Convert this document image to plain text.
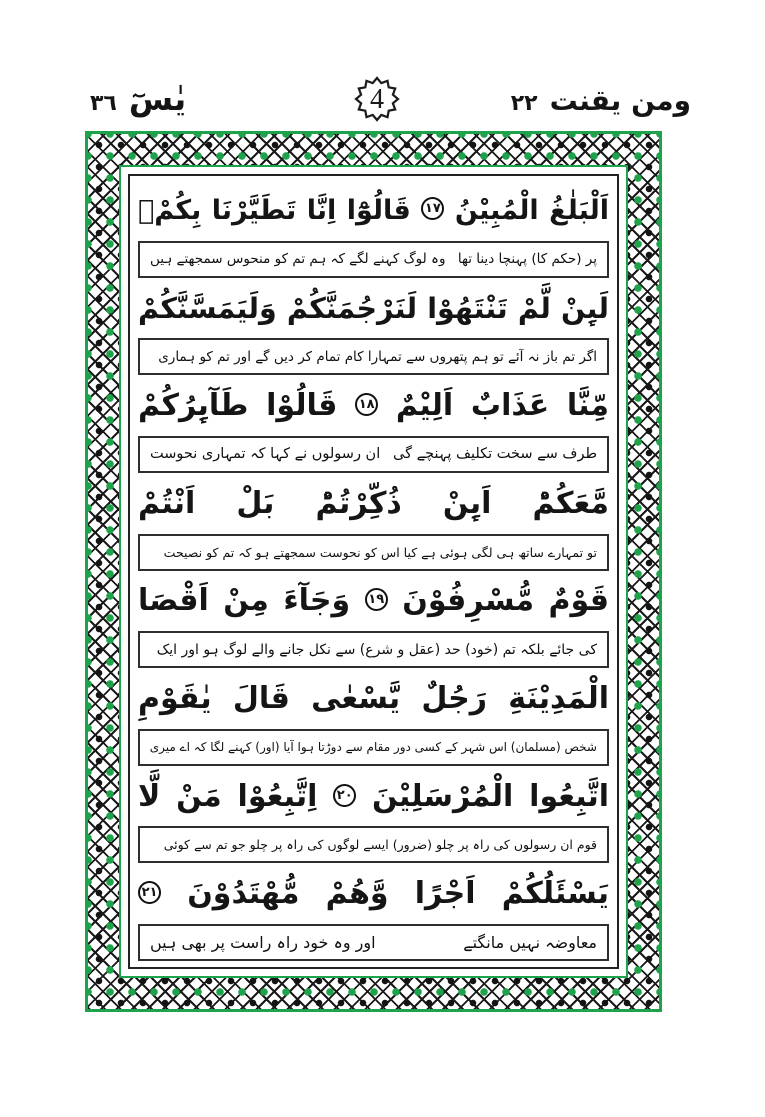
يٰسٓ
٣٦	4	ومن يقنت
٢٢
اَلْبَلٰغُ الْمُبِيْنُ ١٧ قَالُوْٓا اِنَّا تَطَيَّرْنَا بِكُمْۚ
پر (حکم کا) پہنچا دینا تھا
وہ لوگ کہنے لگے کہ ہم تم کو منحوس سمجھتے ہیں
لَىِٕنْ لَّمْ تَنْتَهُوْا لَنَرْجُمَنَّكُمْ وَلَيَمَسَّنَّكُمْ
اگر تم باز نہ آئے تو ہم پتھروں سے تمہارا کام تمام کر دیں گے اور تم کو ہماری
مِّنَّا عَذَابٌ اَلِيْمٌ ١٨ قَالُوْا طَآىِٕرُكُمْ
طرف سے سخت تکلیف پہنچے گی
ان رسولوں نے کہا کہ تمہاری نحوست
مَّعَكُمْؕ اَىِٕنْ ذُكِّرْتُمْؕ بَلْ اَنْتُمْ
تو تمہارے ساتھ ہی لگی ہوئی ہے کیا اس کو نحوست سمجھتے ہو کہ تم کو نصیحت
قَوْمٌ مُّسْرِفُوْنَ ١٩ وَجَآءَ مِنْ اَقْصَا
کی جائے بلکہ تم (خود) حد (عقل و شرع) سے نکل جانے والے لوگ ہو اور ایک
الْمَدِيْنَةِ رَجُلٌ يَّسْعٰى قَالَ يٰقَوْمِ
شخص (مسلمان) اس شہر کے کسی دور مقام سے دوڑتا ہوا آیا (اور) کہنے لگا کہ اے میری
اتَّبِعُوا الْمُرْسَلِيْنَ ٢٠ اِتَّبِعُوْا مَنْ لَّا
قوم ان رسولوں کی راہ پر چلو (ضرور) ایسے لوگوں کی راہ پر چلو جو تم سے کوئی
يَسْئَلُكُمْ اَجْرًا وَّهُمْ مُّهْتَدُوْنَ ٢١
معاوضہ نہیں مانگتے
اور وہ خود راہ راست پر بھی ہیں
